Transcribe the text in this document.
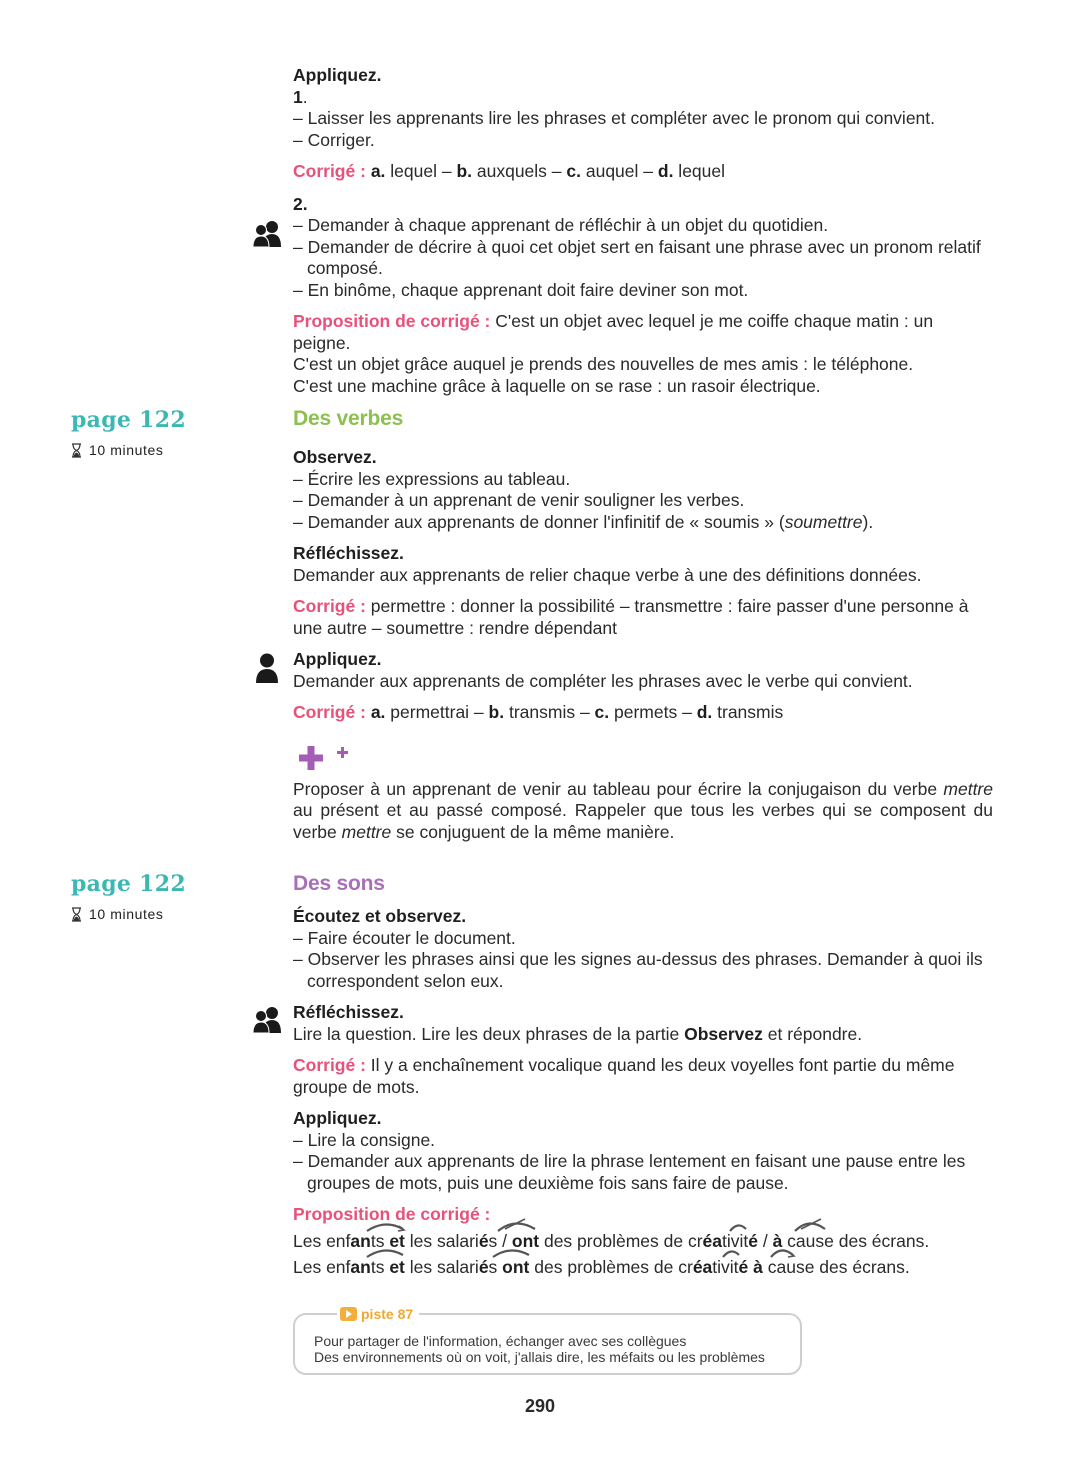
Appliquez.
1.
– Laisser les apprenants lire les phrases et compléter avec le pronom qui convient.
– Corriger.
Corrigé : a. lequel – b. auxquels – c. auquel – d. lequel
2.
– Demander à chaque apprenant de réfléchir à un objet du quotidien.
– Demander de décrire à quoi cet objet sert en faisant une phrase avec un pronom relatif composé.
– En binôme, chaque apprenant doit faire deviner son mot.
Proposition de corrigé : C'est un objet avec lequel je me coiffe chaque matin : un peigne.
C'est un objet grâce auquel je prends des nouvelles de mes amis : le téléphone.
C'est une machine grâce à laquelle on se rase : un rasoir électrique.
page 122
10 minutes
Des verbes
Observez.
– Écrire les expressions au tableau.
– Demander à un apprenant de venir souligner les verbes.
– Demander aux apprenants de donner l'infinitif de « soumis » (soumettre).
Réfléchissez.
Demander aux apprenants de relier chaque verbe à une des définitions données.
Corrigé : permettre : donner la possibilité – transmettre : faire passer d'une personne à une autre – soumettre : rendre dépendant
Appliquez.
Demander aux apprenants de compléter les phrases avec le verbe qui convient.
Corrigé : a. permettrai – b. transmis – c. permets – d. transmis
Proposer à un apprenant de venir au tableau pour écrire la conjugaison du verbe mettre au présent et au passé composé. Rappeler que tous les verbes qui se composent du verbe mettre se conjuguent de la même manière.
page 122
10 minutes
Des sons
Écoutez et observez.
– Faire écouter le document.
– Observer les phrases ainsi que les signes au-dessus des phrases. Demander à quoi ils correspondent selon eux.
Réfléchissez.
Lire la question. Lire les deux phrases de la partie Observez et répondre.
Corrigé : Il y a enchaînement vocalique quand les deux voyelles font partie du même groupe de mots.
Appliquez.
– Lire la consigne.
– Demander aux apprenants de lire la phrase lentement en faisant une pause entre les groupes de mots, puis une deuxième fois sans faire de pause.
Proposition de corrigé :
Les enfants et les salariés / ont des problèmes de créativité / à cause des écrans.
Les enfants et les salariés ont des problèmes de créativité à cause des écrans.
piste 87
Pour partager de l'information, échanger avec ses collègues
Des environnements où on voit, j'allais dire, les méfaits ou les problèmes
290
